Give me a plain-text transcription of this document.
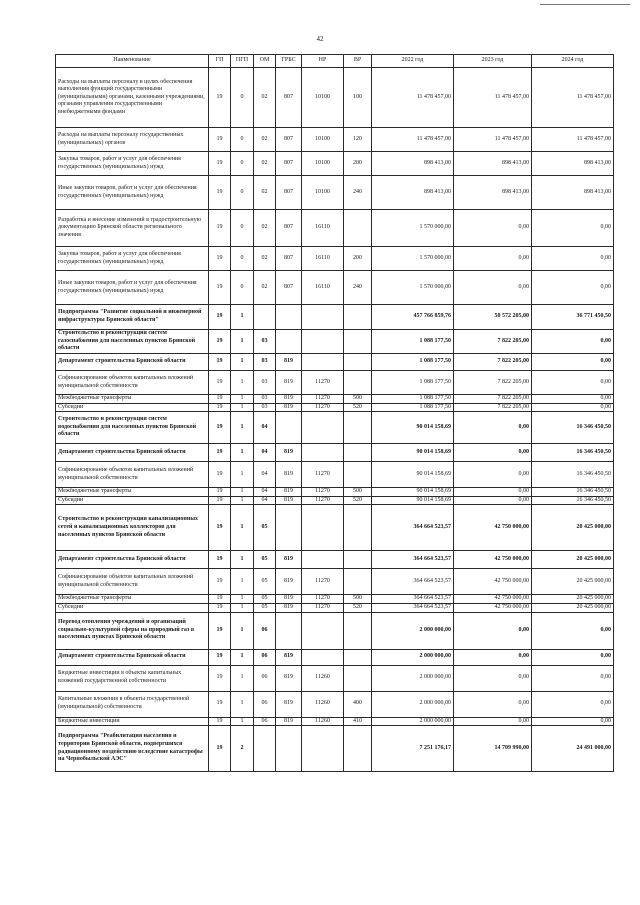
42
Наименование	ГП	ПГП	ОМ	ГРБС	НР	ВР	2022 год	2023 год	2024 год
Расходы на выплаты персоналу в целях обеспечения выполнения функций государственными (муниципальными) органами, казенными учреждениями, органами управления государственными внебюджетными фондами	19	0	02	807	10100	100	11 478 457,00	11 478 457,00	11 478 457,00
Расходы на выплаты персоналу государственных (муниципальных) органов	19	0	02	807	10100	120	11 478 457,00	11 478 457,00	11 478 457,00
Закупка товаров, работ и услуг для обеспечения государственных (муниципальных) нужд	19	0	02	807	10100	200	898 413,00	898 413,00	898 413,00
Иные закупки товаров, работ и услуг для обеспечения государственных (муниципальных) нужд	19	0	02	807	10100	240	898 413,00	898 413,00	898 413,00
Разработка и внесение изменений в градостроительную документацию Брянской области регионального значения	19	0	02	807	16110		1 570 000,00	0,00	0,00
Закупка товаров, работ и услуг для обеспечения государственных (муниципальных) нужд	19	0	02	807	16110	200	1 570 000,00	0,00	0,00
Иные закупки товаров, работ и услуг для обеспечения государственных (муниципальных) нужд	19	0	02	807	16110	240	1 570 000,00	0,00	0,00
Подпрограмма "Развитие социальной и инженерной инфраструктуры Брянской области"	19	1					457 766 859,76	50 572 205,00	36 771 450,50
Строительство и реконструкция систем газоснабжения для населенных пунктов Брянской области	19	1	03				1 088 177,50	7 822 205,00	0,00
Департамент строительства Брянской области	19	1	03	819			1 088 177,50	7 822 205,00	0,00
Софинансирование объектов капитальных вложений муниципальной собственности	19	1	03	819	11270		1 088 177,50	7 822 205,00	0,00
Межбюджетные трансферты	19	1	03	819	11270	500	1 088 177,50	7 822 205,00	0,00
Субсидии	19	1	03	819	11270	520	1 088 177,50	7 822 205,00	0,00
Строительство и реконструкция систем водоснабжения для населенных пунктов Брянской области	19	1	04				90 014 158,69	0,00	16 346 450,50
Департамент строительства Брянской области	19	1	04	819			90 014 158,69	0,00	16 346 450,50
Софинансирование объектов капитальных вложений муниципальной собственности	19	1	04	819	11270		90 014 158,69	0,00	16 346 450,50
Межбюджетные трансферты	19	1	04	819	11270	500	90 014 158,69	0,00	16 346 450,50
Субсидии	19	1	04	819	11270	520	90 014 158,69	0,00	16 346 450,50
Строительство и реконструкция канализационных сетей и канализационных коллекторов для населенных пунктов Брянской области	19	1	05				364 664 523,57	42 750 000,00	20 425 000,00
Департамент строительства Брянской области	19	1	05	819			364 664 523,57	42 750 000,00	20 425 000,00
Софинансирование объектов капитальных вложений муниципальной собственности	19	1	05	819	11270		364 664 523,57	42 750 000,00	20 425 000,00
Межбюджетные трансферты	19	1	05	819	11270	500	364 664 523,57	42 750 000,00	20 425 000,00
Субсидии	19	1	05	819	11270	520	364 664 523,57	42 750 000,00	20 425 000,00
Перевод отопления учреждений и организаций социально-культурной сферы на природный газ в населенных пунктах Брянской области	19	1	06				2 000 000,00	0,00	0,00
Департамент строительства Брянской области	19	1	06	819			2 000 000,00	0,00	0,00
Бюджетные инвестиции в объекты капитальных вложений государственной собственности	19	1	06	819	11260		2 000 000,00	0,00	0,00
Капитальные вложения в объекты государственной (муниципальной) собственности	19	1	06	819	11260	400	2 000 000,00	0,00	0,00
Бюджетные инвестиции	19	1	06	819	11260	410	2 000 000,00	0,00	0,00
Подпрограмма "Реабилитация населения и территории Брянской области, подвергшихся радиационному воздействию вследствие катастрофы на Чернобыльской АЭС"	19	2					7 251 176,17	14 709 990,00	24 491 000,00
